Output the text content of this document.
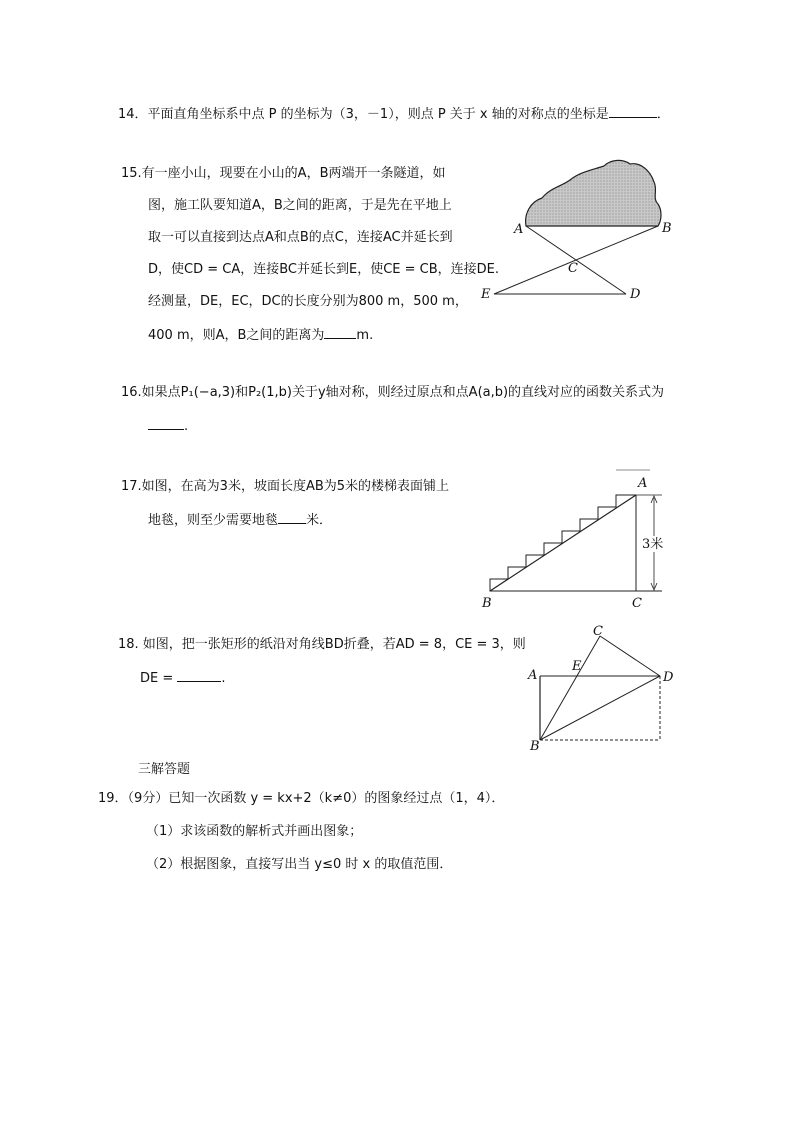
14．平面直角坐标系中点 P 的坐标为（3，－1），则点 P 关于 x 轴的对称点的坐标是	．
15.有一座小山，现要在小山的A，B两端开一条隧道，如
图，施工队要知道A，B之间的距离，于是先在平地上
取一可以直接到达点A和点B的点C，连接AC并延长到
D，使CD = CA，连接BC并延长到E，使CE = CB，连接DE.
经测量，DE，EC，DC的长度分别为800 m，500 m，
400 m，则A，B之间的距离为 m.
A	B
C
D
E
16.如果点P₁(−a,3)和P₂(1,b)关于y轴对称，则经过原点和点A(a,b)的直线对应的函数关系式为
.
17.如图，在高为3米，坡面长度AB为5米的楼梯表面铺上
地毯，则至少需要地毯 米．
3米
A
B	C
18. 如图，把一张矩形的纸沿对角线BD折叠，若AD = 8，CE = 3，则
DE =	.
C
E
A	D
B
三解答题
19．（9分）已知一次函数 y = kx+2（k≠0）的图象经过点（1，4）．
（1）求该函数的解析式并画出图象；
（2）根据图象，直接写出当 y≤0 时 x 的取值范围．
